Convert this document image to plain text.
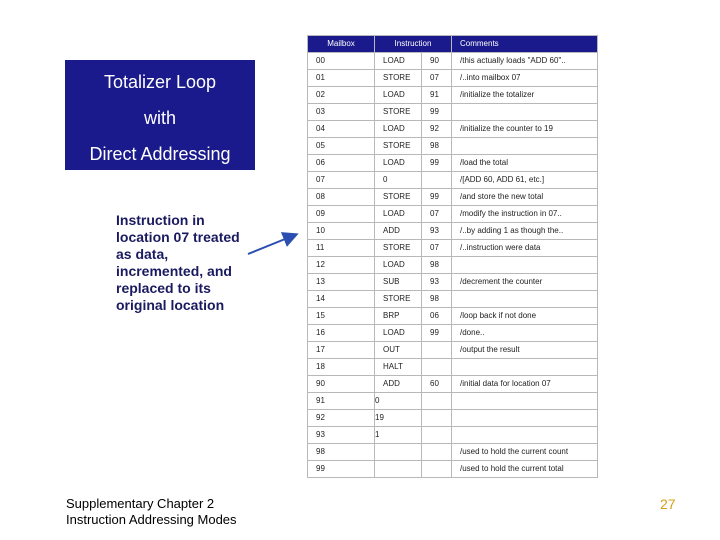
Totalizer Loop
with
Direct Addressing
Instruction in
location 07 treated
as data,
incremented, and
replaced to its
original location
Mailbox	Instruction		Comments
00	LOAD	90	/this actually loads "ADD 60"..
01	STORE	07	/..into mailbox 07
02	LOAD	91	/initialize the totalizer
03	STORE	99	
04	LOAD	92	/initialize the counter to 19
05	STORE	98	
06	LOAD	99	/load the total
07	0		/[ADD 60, ADD 61, etc.]
08	STORE	99	/and store the new total
09	LOAD	07	/modify the instruction in 07..
10	ADD	93	/..by adding 1 as though the..
11	STORE	07	/..instruction were data
12	LOAD	98	
13	SUB	93	/decrement the counter
14	STORE	98	
15	BRP	06	/loop back if not done
16	LOAD	99	/done..
17	OUT		/output the result
18	HALT		
90	ADD	60	/initial data for location 07
91	0		
92	19		
93	1		
98			/used to hold the current count
99			/used to hold the current total
Supplementary Chapter 2
Instruction Addressing Modes
27
